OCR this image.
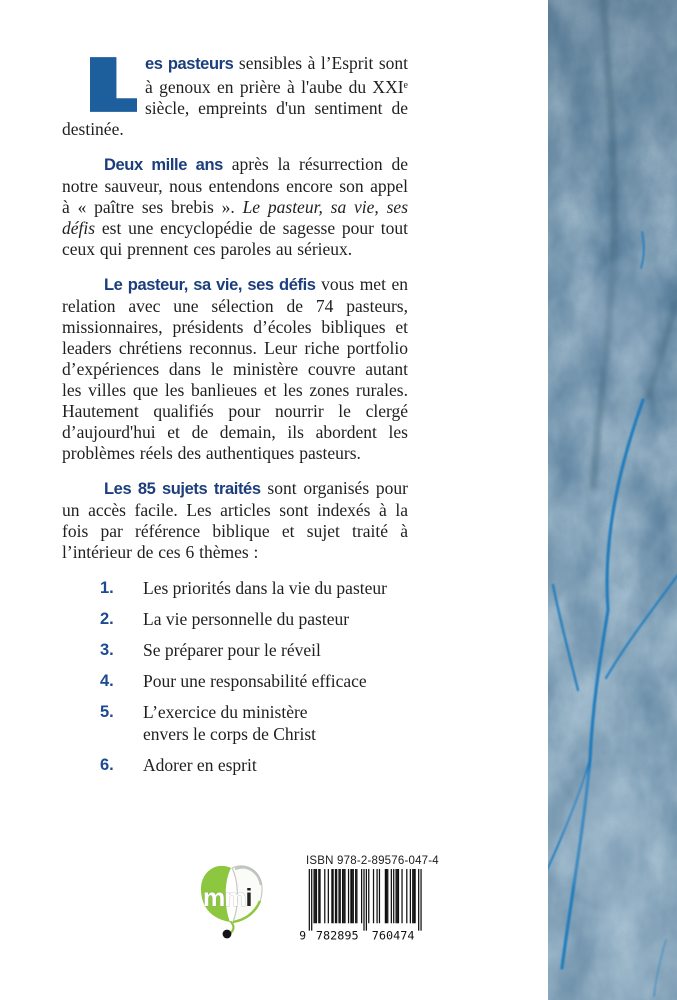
es pasteurs sensibles à l’Esprit sont à genoux en prière à l'aube du XXIe siècle, empreints d'un sentiment de destinée.

Deux mille ans après la résurrection de notre sauveur, nous entendons encore son appel à « paître ses brebis ». Le pasteur, sa vie, ses défis est une encyclopédie de sagesse pour tout ceux qui prennent ces paroles au sérieux.

Le pasteur, sa vie, ses défis vous met en relation avec une sélection de 74 pasteurs, missionnaires, présidents d’écoles bibliques et leaders chrétiens reconnus. Leur riche portfolio d’expériences dans le ministère couvre autant les villes que les banlieues et les zones rurales. Hautement qualifiés pour nourrir le clergé d’aujourd'hui et de demain, ils abordent les problèmes réels des authentiques pasteurs.

Les 85 sujets traités sont organisés pour un accès facile. Les articles sont indexés à la fois par référence biblique et sujet traité à l’intérieur de ces 6 thèmes :

1. Les priorités dans la vie du pasteur
2. La vie personnelle du pasteur
3. Se préparer pour le réveil
4. Pour une responsabilité efficace
5. L’exercice du ministère
envers le corps de Christ
6. Adorer en esprit
mmi
ISBN 978-2-89576-047-4
9 782895 760474
